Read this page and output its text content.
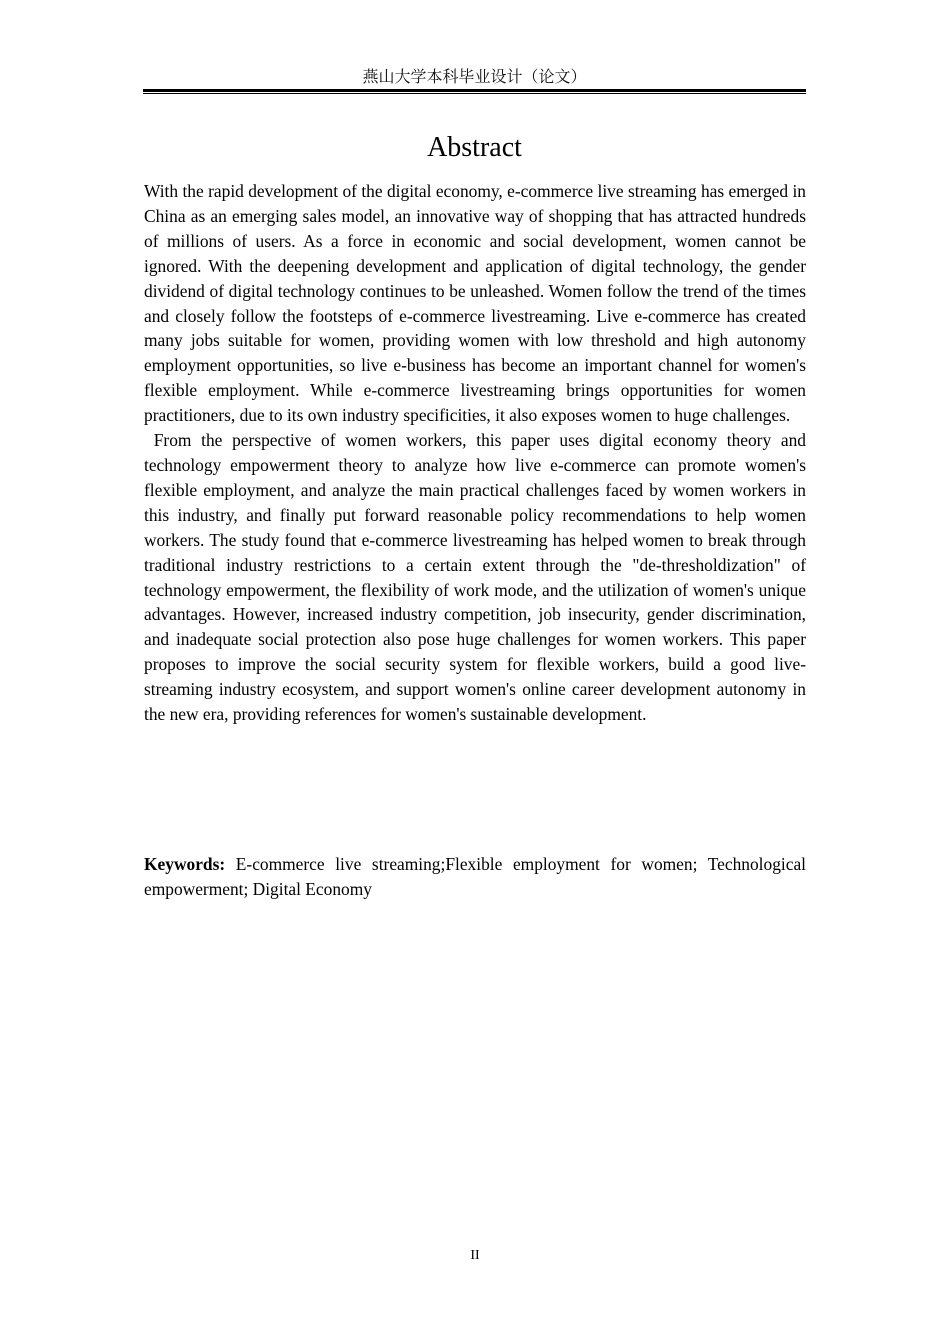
燕山大学本科毕业设计（论文）
Abstract

With the rapid development of the digital economy, e-commerce live streaming has emerged in China as an emerging sales model, an innovative way of shopping that has attracted hundreds of millions of users. As a force in economic and social development, women cannot be ignored. With the deepening development and application of digital technology, the gender dividend of digital technology continues to be unleashed. Women follow the trend of the times and closely follow the footsteps of e-commerce livestreaming. Live e-commerce has created many jobs suitable for women, providing women with low threshold and high autonomy employment opportunities, so live e-business has become an important channel for women's flexible employment. While e-commerce livestreaming brings opportunities for women practitioners, due to its own industry specificities, it also exposes women to huge challenges.

From the perspective of women workers, this paper uses digital economy theory and technology empowerment theory to analyze how live e-commerce can promote women's flexible employment, and analyze the main practical challenges faced by women workers in this industry, and finally put forward reasonable policy recommendations to help women workers. The study found that e-commerce livestreaming has helped women to break through traditional industry restrictions to a certain extent through the "de-thresholdization" of technology empowerment, the flexibility of work mode, and the utilization of women's unique advantages. However, increased industry competition, job insecurity, gender discrimination, and inadequate social protection also pose huge challenges for women workers. This paper proposes to improve the social security system for flexible workers, build a good live-streaming industry ecosystem, and support women's online career development autonomy in the new era, providing references for women's sustainable development.

Keywords: E-commerce live streaming;Flexible employment for women; Technological empowerment; Digital Economy
II
